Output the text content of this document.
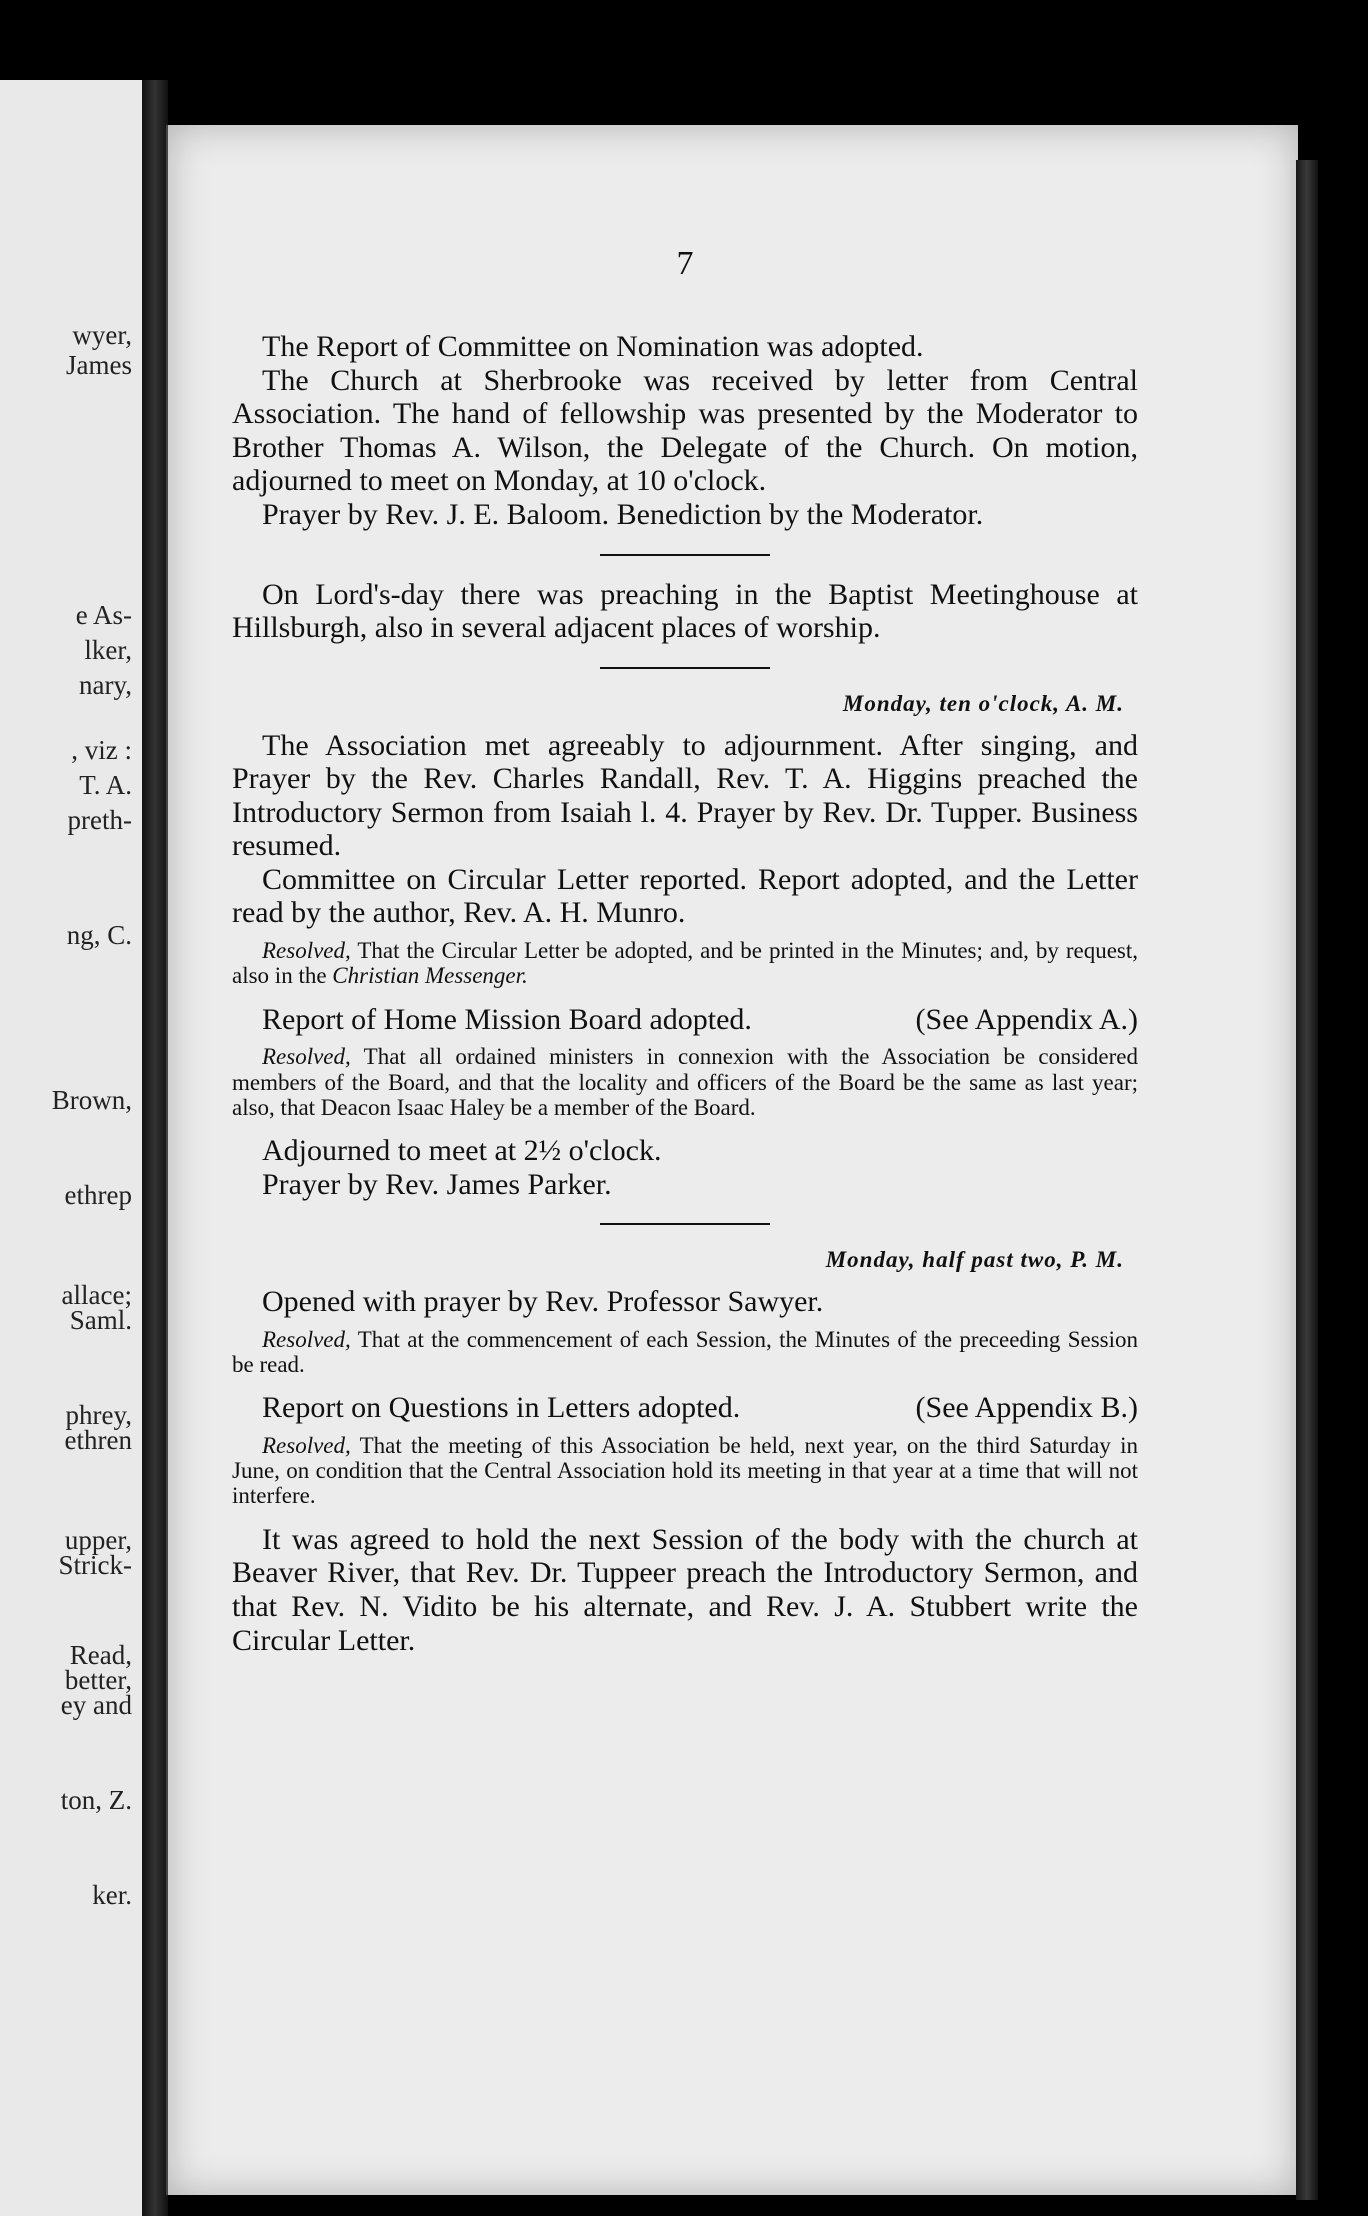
wyer,
James
e As-
lker,
nary,
, viz :
T. A.
preth-
ng, C.
Brown,
ethrep
allace;
Saml.
phrey,
ethren
upper,
Strick-
Read,
better,
ey and
ton, Z.
ker.
7

The Report of Committee on Nomination was adopted.

The Church at Sherbrooke was received by letter from Central Association. The hand of fellowship was presented by the Moderator to Brother Thomas A. Wilson, the Delegate of the Church. On motion, adjourned to meet on Monday, at 10 o'clock.

Prayer by Rev. J. E. Baloom. Benediction by the Moderator.

On Lord's-day there was preaching in the Baptist Meetinghouse at Hillsburgh, also in several adjacent places of worship.

Monday, ten o'clock, A. M.

The Association met agreeably to adjournment. After singing, and Prayer by the Rev. Charles Randall, Rev. T. A. Higgins preached the Introductory Sermon from Isaiah l. 4. Prayer by Rev. Dr. Tupper. Business resumed.

Committee on Circular Letter reported. Report adopted, and the Letter read by the author, Rev. A. H. Munro.

Resolved, That the Circular Letter be adopted, and be printed in the Minutes; and, by request, also in the Christian Messenger.

Report of Home Mission Board adopted.	(See Appendix A.)

Resolved, That all ordained ministers in connexion with the Association be considered members of the Board, and that the locality and officers of the Board be the same as last year; also, that Deacon Isaac Haley be a member of the Board.

Adjourned to meet at 2½ o'clock.

Prayer by Rev. James Parker.

Monday, half past two, P. M.

Opened with prayer by Rev. Professor Sawyer.

Resolved, That at the commencement of each Session, the Minutes of the preceeding Session be read.

Report on Questions in Letters adopted.	(See Appendix B.)

Resolved, That the meeting of this Association be held, next year, on the third Saturday in June, on condition that the Central Association hold its meeting in that year at a time that will not interfere.

It was agreed to hold the next Session of the body with the church at Beaver River, that Rev. Dr. Tuppeer preach the Introductory Sermon, and that Rev. N. Vidito be his alternate, and Rev. J. A. Stubbert write the Circular Letter.
